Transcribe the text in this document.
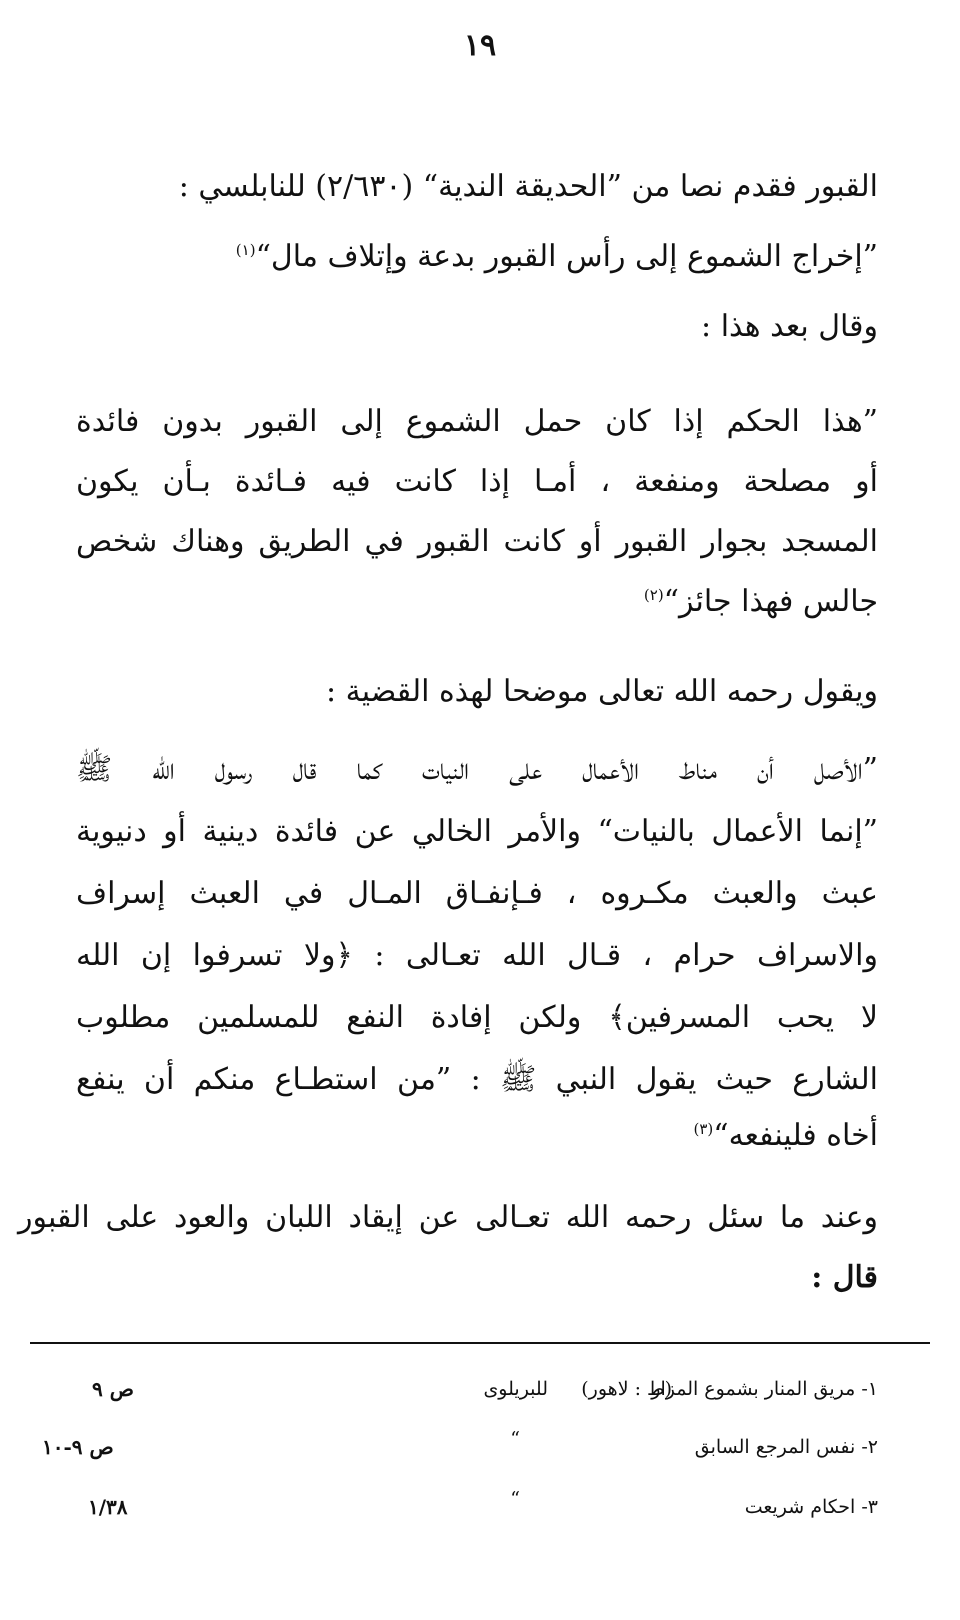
١٩
القبور فقدم نصا من ”الحديقة الندية“ (٢/٦٣٠) للنابلسي :
”إخراج الشموع إلى رأس القبور بدعة وإتلاف مال“$^{(١)}$
وقال بعد هذا :
”هذا الحكم إذا كان حمل الشموع إلى القبور بدون فائدة
أو مصلحة ومنفعة ، أمـا إذا كانت فيه فـائدة بـأن يكون
المسجد بجوار القبور أو كانت القبور في الطريق وهناك شخص
جالس فهذا جائز“$^{(٢)}$
ويقول رحمه الله تعالى موضحا لهذه القضية :
”الأصل أن مناط الأعمال على النيات كما قال رسول الله ﷺ
”إنما الأعمال بالنيات“ والأمر الخالي عن فائدة دينية أو دنيوية
عبث والعبث مكـروه ، فـإنفـاق المـال في العبث إسراف
والاسراف حرام ، قـال الله تعـالى : ﴿ولا تسرفوا إن الله
لا يحب المسرفين﴾ ولكن إفادة النفع للمسلمين مطلوب
الشارع حيث يقول النبي ﷺ : ”من استطـاع منكم أن ينفع
أخاه فلينفعه“$^{(٣)}$
وعند ما سئل رحمه الله تعـالى عن إيقاد اللبان والعود على القبور
قال :
١- مريق المنار بشموع المزار
للبريلوى (ط : لاهور)
ص ٩
٢- نفس المرجع السابق
“
ص ٩-١٠
٣- احكام شريعت
“
١/٣٨
